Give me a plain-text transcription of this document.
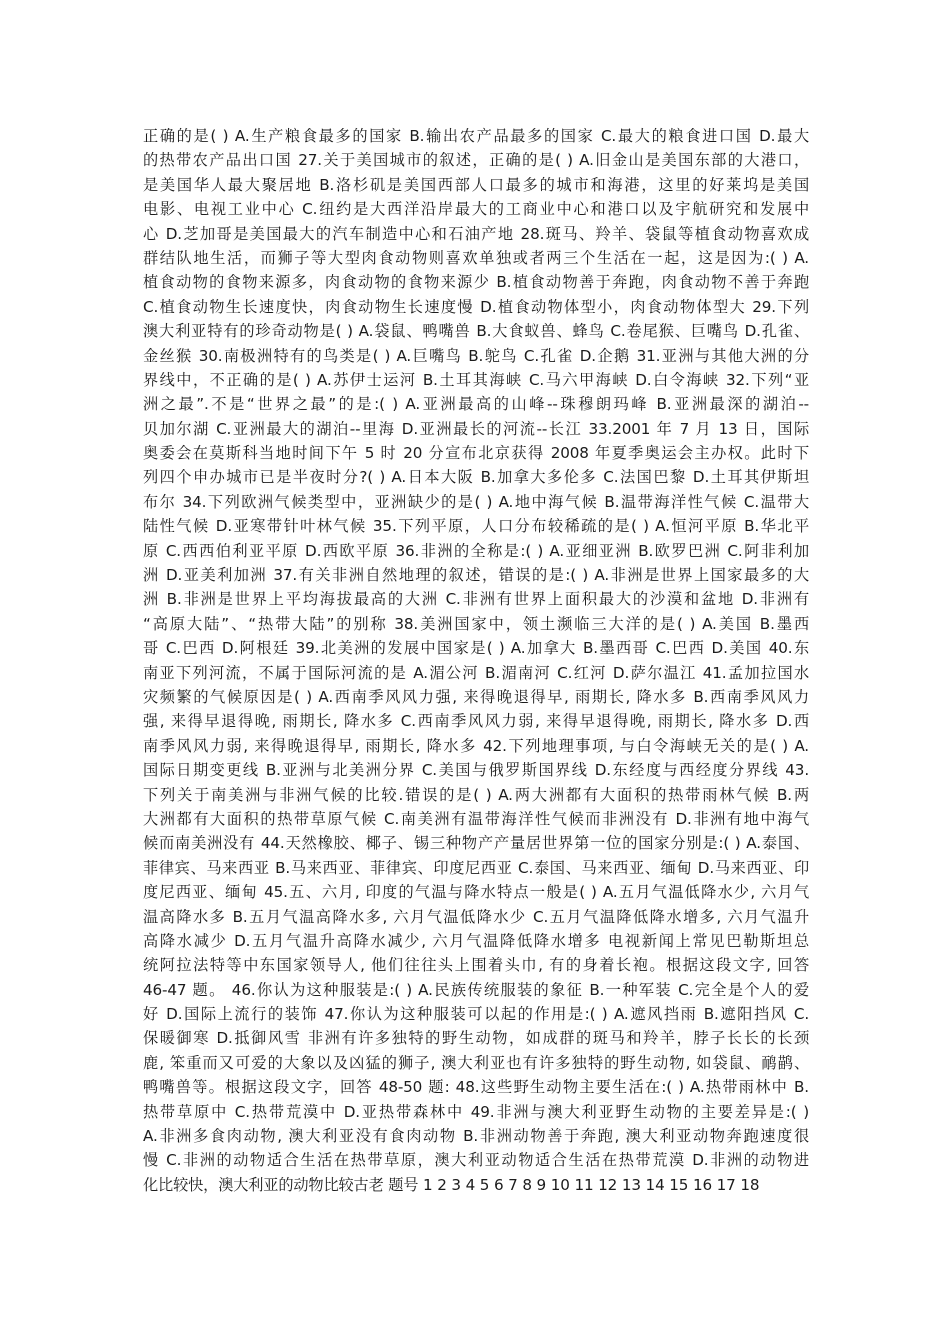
正确的是( ) A.生产粮食最多的国家 B.输出农产品最多的国家 C.最大的粮食进口国 D.最大
的热带农产品出口国 27.关于美国城市的叙述，正确的是( ) A.旧金山是美国东部的大港口，
是美国华人最大聚居地 B.洛杉矶是美国西部人口最多的城市和海港，这里的好莱坞是美国
电影、电视工业中心 C.纽约是大西洋沿岸最大的工商业中心和港口以及宇航研究和发展中
心 D.芝加哥是美国最大的汽车制造中心和石油产地 28.斑马、羚羊、袋鼠等植食动物喜欢成
群结队地生活，而狮子等大型肉食动物则喜欢单独或者两三个生活在一起，这是因为:( ) A.
植食动物的食物来源多，肉食动物的食物来源少 B.植食动物善于奔跑，肉食动物不善于奔跑
C.植食动物生长速度快，肉食动物生长速度慢 D.植食动物体型小，肉食动物体型大 29.下列
澳大利亚特有的珍奇动物是( ) A.袋鼠、鸭嘴兽 B.大食蚁兽、蜂鸟 C.卷尾猴、巨嘴鸟 D.孔雀、
金丝猴 30.南极洲特有的鸟类是( ) A.巨嘴鸟 B.鸵鸟 C.孔雀 D.企鹅 31.亚洲与其他大洲的分
界线中，不正确的是( ) A.苏伊士运河 B.土耳其海峡 C.马六甲海峡 D.白令海峡 32.下列“亚
洲之最”.不是“世界之最”的是:( ) A.亚洲最高的山峰--珠穆朗玛峰 B.亚洲最深的湖泊--
贝加尔湖 C.亚洲最大的湖泊--里海 D.亚洲最长的河流--长江 33.2001 年 7 月 13 日，国际
奥委会在莫斯科当地时间下午 5 时 20 分宣布北京获得 2008 年夏季奥运会主办权。此时下
列四个申办城市已是半夜时分?( ) A.日本大阪 B.加拿大多伦多 C.法国巴黎 D.土耳其伊斯坦
布尔 34.下列欧洲气候类型中，亚洲缺少的是( ) A.地中海气候 B.温带海洋性气候 C.温带大
陆性气候 D.亚寒带针叶林气候 35.下列平原，人口分布较稀疏的是( ) A.恒河平原 B.华北平
原 C.西西伯利亚平原 D.西欧平原 36.非洲的全称是:( ) A.亚细亚洲 B.欧罗巴洲 C.阿非利加
洲 D.亚美利加洲 37.有关非洲自然地理的叙述，错误的是:( ) A.非洲是世界上国家最多的大
洲 B.非洲是世界上平均海拔最高的大洲 C.非洲有世界上面积最大的沙漠和盆地 D.非洲有
“高原大陆”、“热带大陆”的别称 38.美洲国家中，领土濒临三大洋的是( ) A.美国 B.墨西
哥 C.巴西 D.阿根廷 39.北美洲的发展中国家是( ) A.加拿大 B.墨西哥 C.巴西 D.美国 40.东
南亚下列河流，不属于国际河流的是 A.湄公河 B.湄南河 C.红河 D.萨尔温江 41.孟加拉国水
灾频繁的气候原因是( ) A.西南季风风力强, 来得晚退得早, 雨期长, 降水多 B.西南季风风力
强, 来得早退得晚, 雨期长, 降水多 C.西南季风风力弱, 来得早退得晚, 雨期长, 降水多 D.西
南季风风力弱, 来得晚退得早, 雨期长, 降水多 42.下列地理事项, 与白令海峡无关的是( ) A.
国际日期变更线 B.亚洲与北美洲分界 C.美国与俄罗斯国界线 D.东经度与西经度分界线 43.
下列关于南美洲与非洲气候的比较.错误的是( ) A.两大洲都有大面积的热带雨林气候 B.两
大洲都有大面积的热带草原气候 C.南美洲有温带海洋性气候而非洲没有 D.非洲有地中海气
候而南美洲没有 44.天然橡胶、椰子、锡三种物产产量居世界第一位的国家分别是:( ) A.泰国、
菲律宾、马来西亚 B.马来西亚、菲律宾、印度尼西亚 C.泰国、马来西亚、缅甸 D.马来西亚、印
度尼西亚、缅甸 45.五、六月, 印度的气温与降水特点一般是( ) A.五月气温低降水少, 六月气
温高降水多 B.五月气温高降水多, 六月气温低降水少 C.五月气温降低降水增多, 六月气温升
高降水减少 D.五月气温升高降水减少, 六月气温降低降水增多 电视新闻上常见巴勒斯坦总
统阿拉法特等中东国家领导人, 他们往往头上围着头巾, 有的身着长袍。根据这段文字, 回答
46-47 题。 46.你认为这种服装是:( ) A.民族传统服装的象征 B.一种军装 C.完全是个人的爱
好 D.国际上流行的装饰 47.你认为这种服装可以起的作用是:( ) A.遮风挡雨 B.遮阳挡风 C.
保暖御寒 D.抵御风雪 非洲有许多独特的野生动物，如成群的斑马和羚羊，脖子长长的长颈
鹿, 笨重而又可爱的大象以及凶猛的狮子, 澳大利亚也有许多独特的野生动物, 如袋鼠、鸸鹋、
鸭嘴兽等。根据这段文字，回答 48-50 题: 48.这些野生动物主要生活在:( ) A.热带雨林中 B.
热带草原中 C.热带荒漠中 D.亚热带森林中 49.非洲与澳大利亚野生动物的主要差异是:( )
A.非洲多食肉动物, 澳大利亚没有食肉动物 B.非洲动物善于奔跑, 澳大利亚动物奔跑速度很
慢 C.非洲的动物适合生活在热带草原，澳大利亚动物适合生活在热带荒漠 D.非洲的动物进
化比较快，澳大利亚的动物比较古老 题号 1 2 3 4 5 6 7 8 9 10 11 12 13 14 15 16 17 18
